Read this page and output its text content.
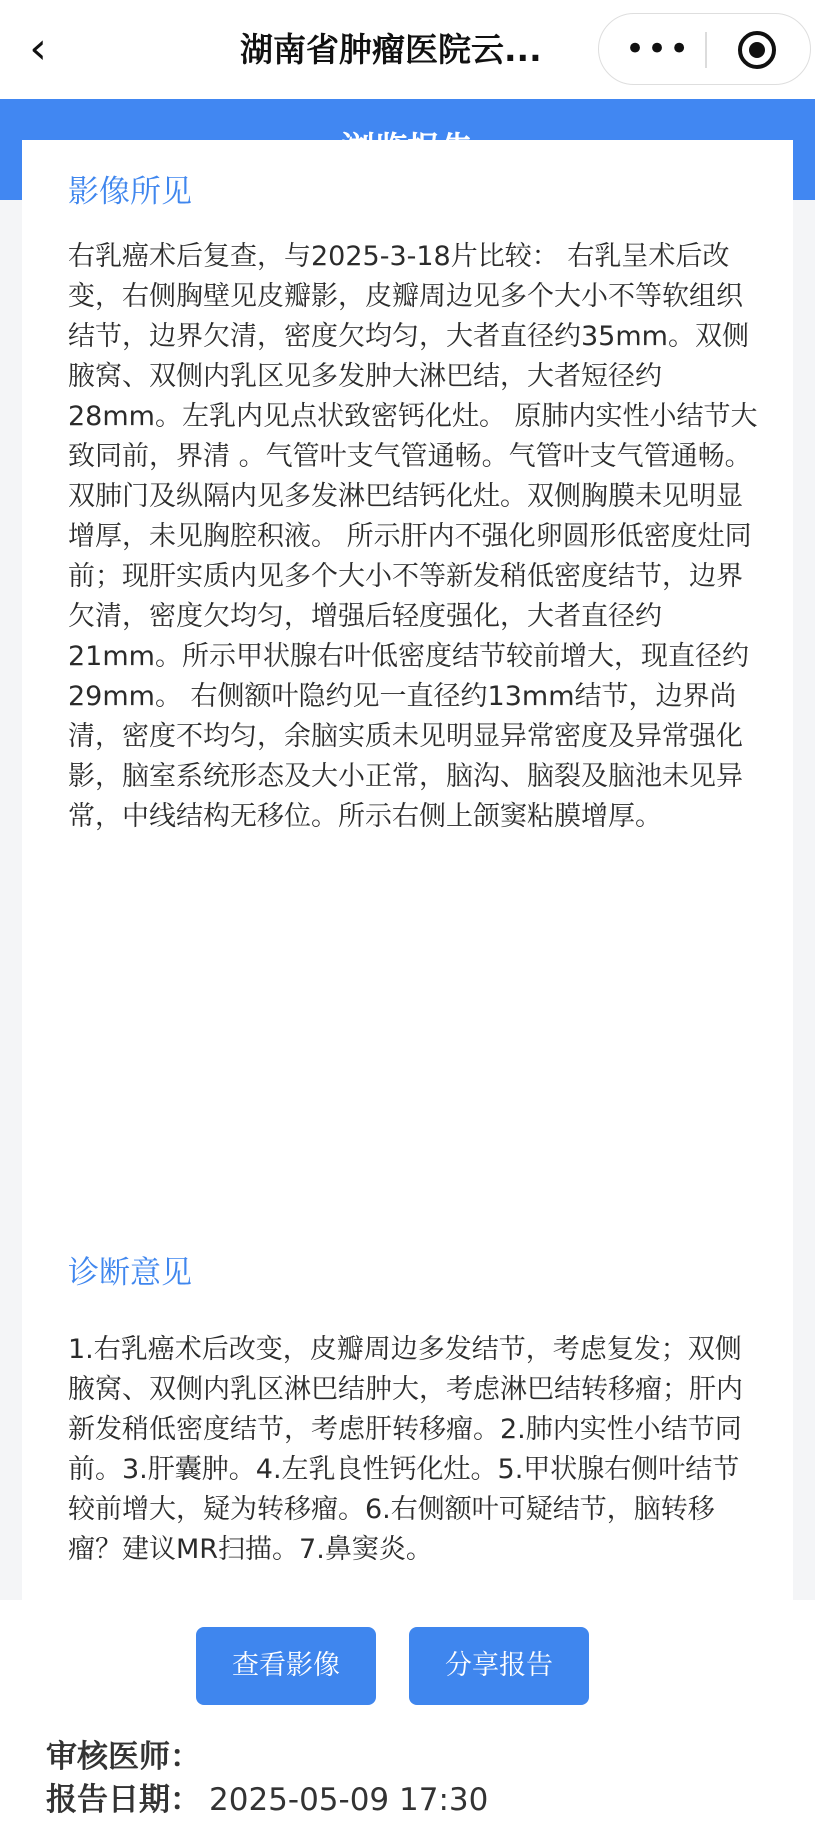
‹	湖南省肿瘤医院云...	•••
影像所见
右乳癌术后复查，与2025-3-18片比较： 右乳呈术后改变，右侧胸壁见皮瓣影，皮瓣周边见多个大小不等软组织结节，边界欠清，密度欠均匀，大者直径约35mm。双侧腋窝、双侧内乳区见多发肿大淋巴结，大者短径约28mm。左乳内见点状致密钙化灶。 原肺内实性小结节大致同前，界清 。气管叶支气管通畅。气管叶支气管通畅。双肺门及纵隔内见多发淋巴结钙化灶。双侧胸膜未见明显增厚，未见胸腔积液。 所示肝内不强化卵圆形低密度灶同前；现肝实质内见多个大小不等新发稍低密度结节，边界欠清，密度欠均匀，增强后轻度强化，大者直径约21mm。所示甲状腺右叶低密度结节较前增大，现直径约29mm。 右侧额叶隐约见一直径约13mm结节，边界尚清，密度不均匀，余脑实质未见明显异常密度及异常强化影，脑室系统形态及大小正常，脑沟、脑裂及脑池未见异常，中线结构无移位。所示右侧上颌窦粘膜增厚。
诊断意见
1.右乳癌术后改变，皮瓣周边多发结节，考虑复发；双侧腋窝、双侧内乳区淋巴结肿大，考虑淋巴结转移瘤；肝内新发稍低密度结节，考虑肝转移瘤。2.肺内实性小结节同前。3.肝囊肿。4.左乳良性钙化灶。5.甲状腺右侧叶结节较前增大，疑为转移瘤。6.右侧额叶可疑结节，脑转移瘤？建议MR扫描。7.鼻窦炎。
审核医师：
报告日期： 2025-05-09 17:30
查看影像	分享报告
